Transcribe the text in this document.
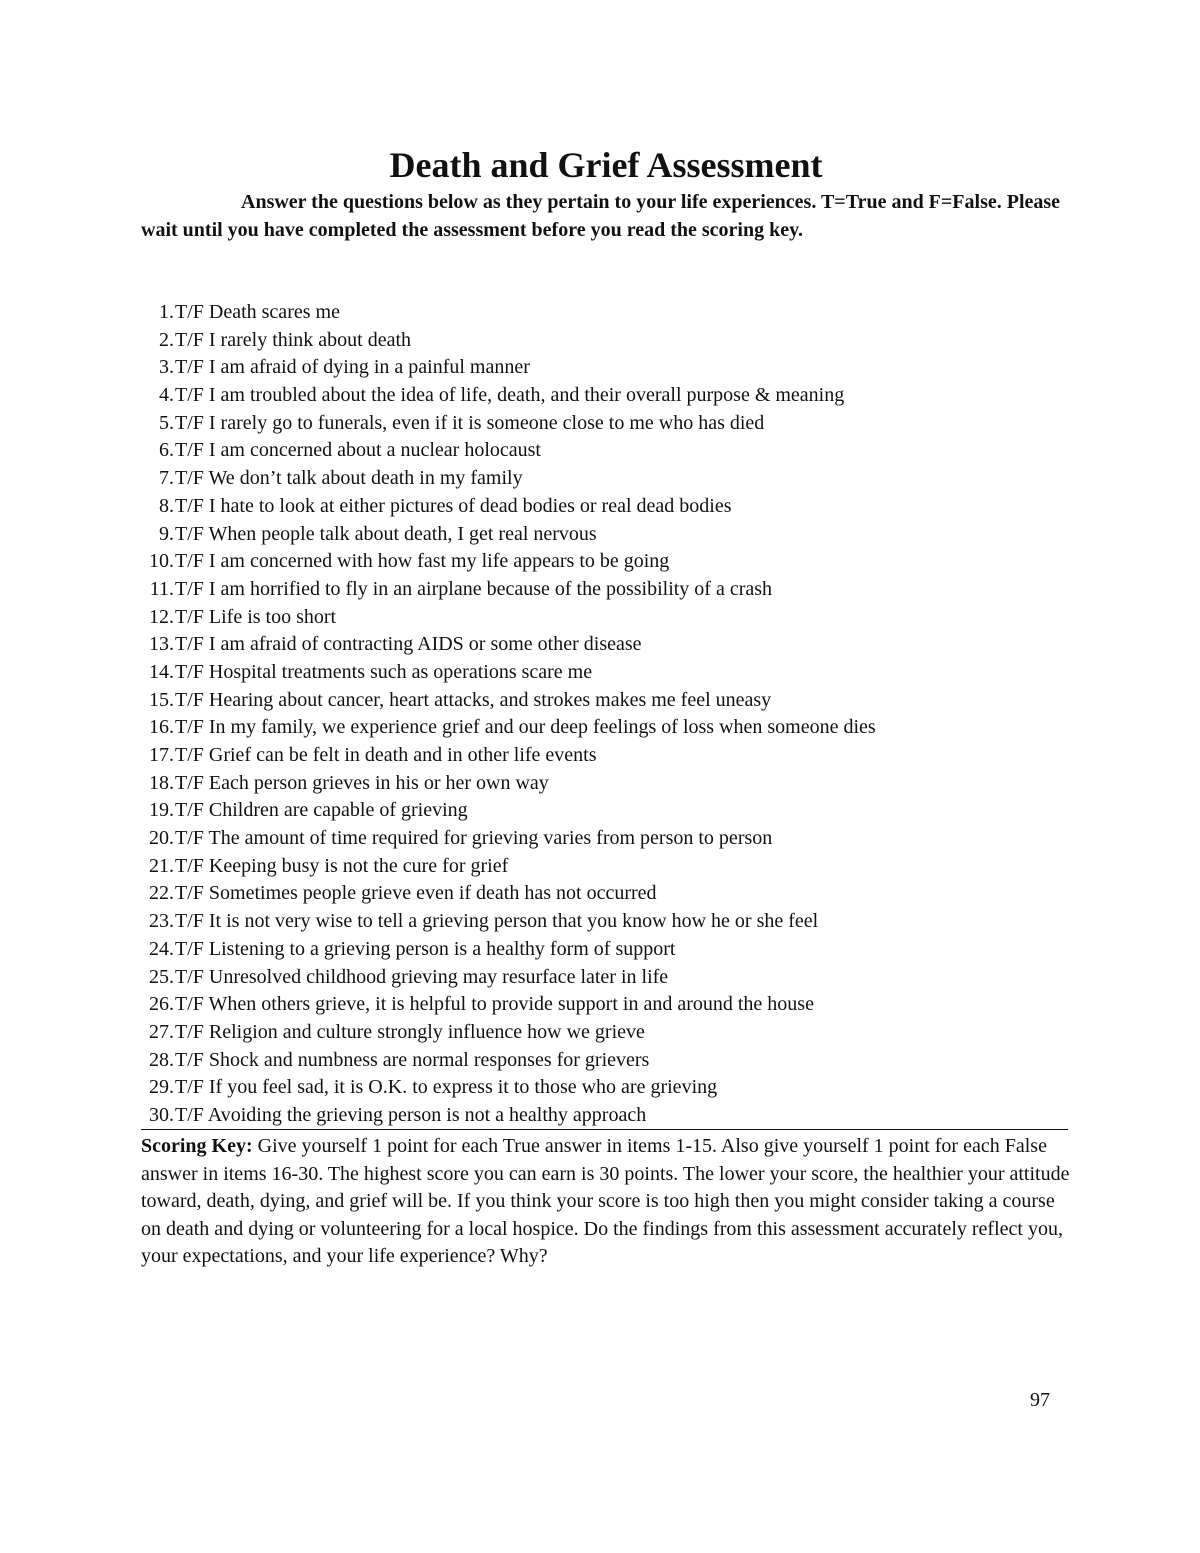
Death and Grief Assessment

Answer the questions below as they pertain to your life experiences. T=True and F=False. Please wait until you have completed the assessment before you read the scoring key.

1. T/F Death scares me
2. T/F I rarely think about death
3. T/F I am afraid of dying in a painful manner
4. T/F I am troubled about the idea of life, death, and their overall purpose & meaning
5. T/F I rarely go to funerals, even if it is someone close to me who has died
6. T/F I am concerned about a nuclear holocaust
7. T/F We don’t talk about death in my family
8. T/F I hate to look at either pictures of dead bodies or real dead bodies
9. T/F When people talk about death, I get real nervous
10. T/F I am concerned with how fast my life appears to be going
11. T/F I am horrified to fly in an airplane because of the possibility of a crash
12. T/F Life is too short
13. T/F I am afraid of contracting AIDS or some other disease
14. T/F Hospital treatments such as operations scare me
15. T/F Hearing about cancer, heart attacks, and strokes makes me feel uneasy
16. T/F In my family, we experience grief and our deep feelings of loss when someone dies
17. T/F Grief can be felt in death and in other life events
18. T/F Each person grieves in his or her own way
19. T/F Children are capable of grieving
20. T/F The amount of time required for grieving varies from person to person
21. T/F Keeping busy is not the cure for grief
22. T/F Sometimes people grieve even if death has not occurred
23. T/F It is not very wise to tell a grieving person that you know how he or she feel
24. T/F Listening to a grieving person is a healthy form of support
25. T/F Unresolved childhood grieving may resurface later in life
26. T/F When others grieve, it is helpful to provide support in and around the house
27. T/F Religion and culture strongly influence how we grieve
28. T/F Shock and numbness are normal responses for grievers
29. T/F If you feel sad, it is O.K. to express it to those who are grieving
30. T/F Avoiding the grieving person is not a healthy approach

Scoring Key: Give yourself 1 point for each True answer in items 1-15. Also give yourself 1 point for each False answer in items 16-30. The highest score you can earn is 30 points. The lower your score, the healthier your attitude toward, death, dying, and grief will be. If you think your score is too high then you might consider taking a course on death and dying or volunteering for a local hospice. Do the findings from this assessment accurately reflect you, your expectations, and your life experience? Why?

97
